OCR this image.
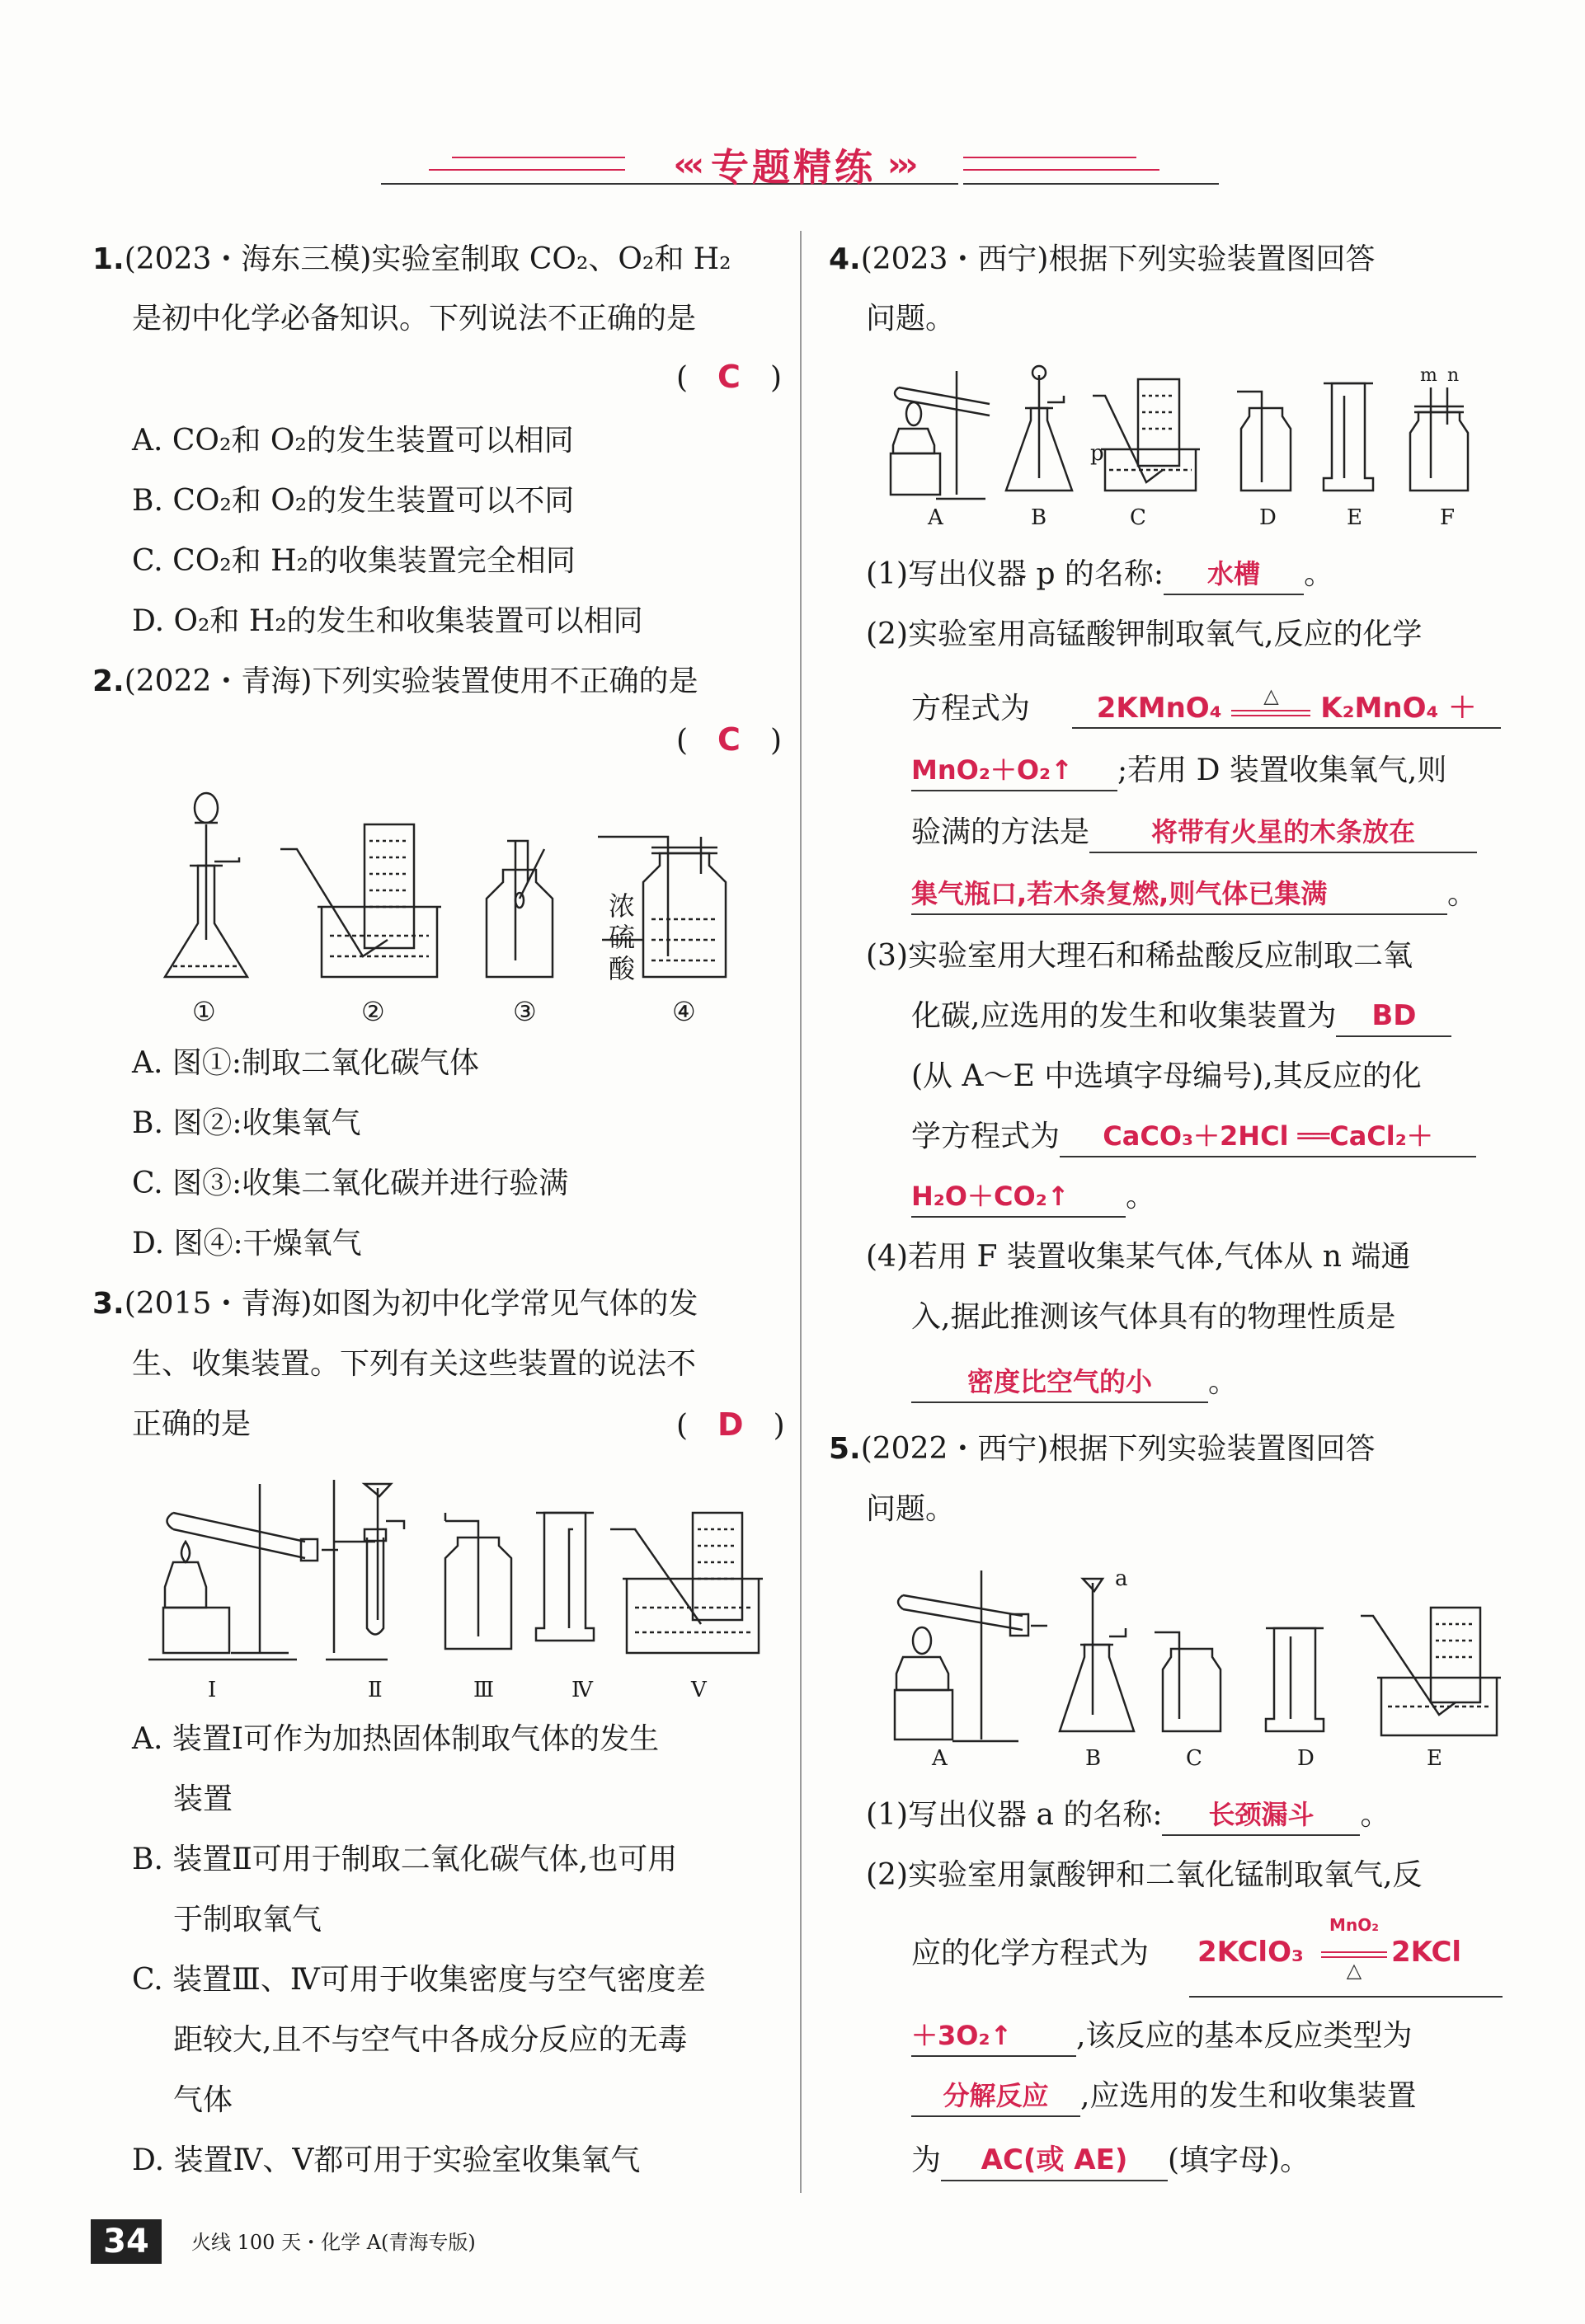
‹‹‹ 专题精练 ›››
1.(2023・海东三模)实验室制取 CO₂、O₂和 H₂
是初中化学必备知识。下列说法不正确的是
(　C　)
A. CO₂和 O₂的发生装置可以相同
B. CO₂和 O₂的发生装置可以不同
C. CO₂和 H₂的收集装置完全相同
D. O₂和 H₂的发生和收集装置可以相同
2.(2022・青海)下列实验装置使用不正确的是
(　C　)
浓
硫
酸
①	②	③	④
A. 图①:制取二氧化碳气体
B. 图②:收集氧气
C. 图③:收集二氧化碳并进行验满
D. 图④:干燥氧气
3.(2015・青海)如图为初中化学常见气体的发
生、收集装置。下列有关这些装置的说法不
正确的是	(　D　)
Ⅰ	Ⅱ	Ⅲ	Ⅳ	Ⅴ
A. 装置Ⅰ可作为加热固体制取气体的发生
装置
B. 装置Ⅱ可用于制取二氧化碳气体,也可用
于制取氧气
C. 装置Ⅲ、Ⅳ可用于收集密度与空气密度差
距较大,且不与空气中各成分反应的无毒
气体
D. 装置Ⅳ、Ⅴ都可用于实验室收集氧气
4.(2023・西宁)根据下列实验装置图回答
问题。
p
m n
A	B	C	D	E	F
(1)写出仪器 p 的名称: 水槽 。
(2)实验室用高锰酸钾制取氧气,反应的化学
方程式为	2KMnO₄	△	K₂MnO₄ ＋
MnO₂＋O₂↑ ;若用 D 装置收集氧气,则
验满的方法是 将带有火星的木条放在
集气瓶口,若木条复燃,则气体已集满	。
(3)实验室用大理石和稀盐酸反应制取二氧
化碳,应选用的发生和收集装置为 BD
(从 A～E 中选填字母编号),其反应的化
学方程式为 CaCO₃＋2HCl ══CaCl₂＋
H₂O＋CO₂↑ 。
(4)若用 F 装置收集某气体,气体从 n 端通
入,据此推测该气体具有的物理性质是
密度比空气的小 。
5.(2022・西宁)根据下列实验装置图回答
问题。
a
A	B	C	D	E
(1)写出仪器 a 的名称: 长颈漏斗 。
(2)实验室用氯酸钾和二氧化锰制取氧气,反
应的化学方程式为 2KClO₃
MnO₂
△
2KCl
＋3O₂↑ ,该反应的基本反应类型为
分解反应 ,应选用的发生和收集装置
为 AC(或 AE) (填字母)。
34	火线 100 天・化学 A(青海专版)
